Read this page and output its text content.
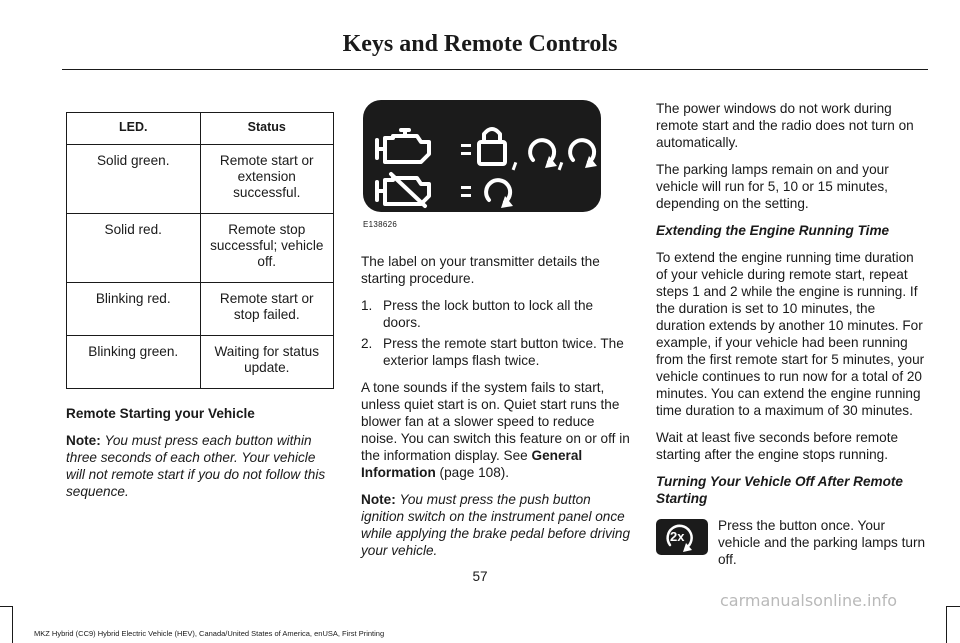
Keys and Remote Controls
LED.	Status
Solid green.	Remote start or extension successful.
Solid red.	Remote stop successful; vehicle off.
Blinking red.	Remote start or stop failed.
Blinking green.	Waiting for status update.

Remote Starting your Vehicle

Note: You must press each button within three seconds of each other. Your vehicle will not remote start if you do not follow this sequence.

E138626

The label on your transmitter details the starting procedure.

1. Press the lock button to lock all the doors.
2. Press the remote start button twice. The exterior lamps flash twice.

A tone sounds if the system fails to start, unless quiet start is on. Quiet start runs the blower fan at a slower speed to reduce noise. You can switch this feature on or off in the information display. See General Information (page 108).

Note: You must press the push button ignition switch on the instrument panel once while applying the brake pedal before driving your vehicle.

The power windows do not work during remote start and the radio does not turn on automatically.

The parking lamps remain on and your vehicle will run for 5, 10 or 15 minutes, depending on the setting.

Extending the Engine Running Time

To extend the engine running time duration of your vehicle during remote start, repeat steps 1 and 2 while the engine is running. If the duration is set to 10 minutes, the duration extends by another 10 minutes. For example, if your vehicle had been running from the first remote start for 5 minutes, your vehicle continues to run now for a total of 20 minutes. You can extend the engine running time duration to a maximum of 30 minutes.

Wait at least five seconds before remote starting after the engine stops running.

Turning Your Vehicle Off After Remote Starting

2x

Press the button once. Your vehicle and the parking lamps turn off.

57
MKZ Hybrid (CC9) Hybrid Electric Vehicle (HEV), Canada/United States of America, enUSA, First Printing
carmanualsonline.info
